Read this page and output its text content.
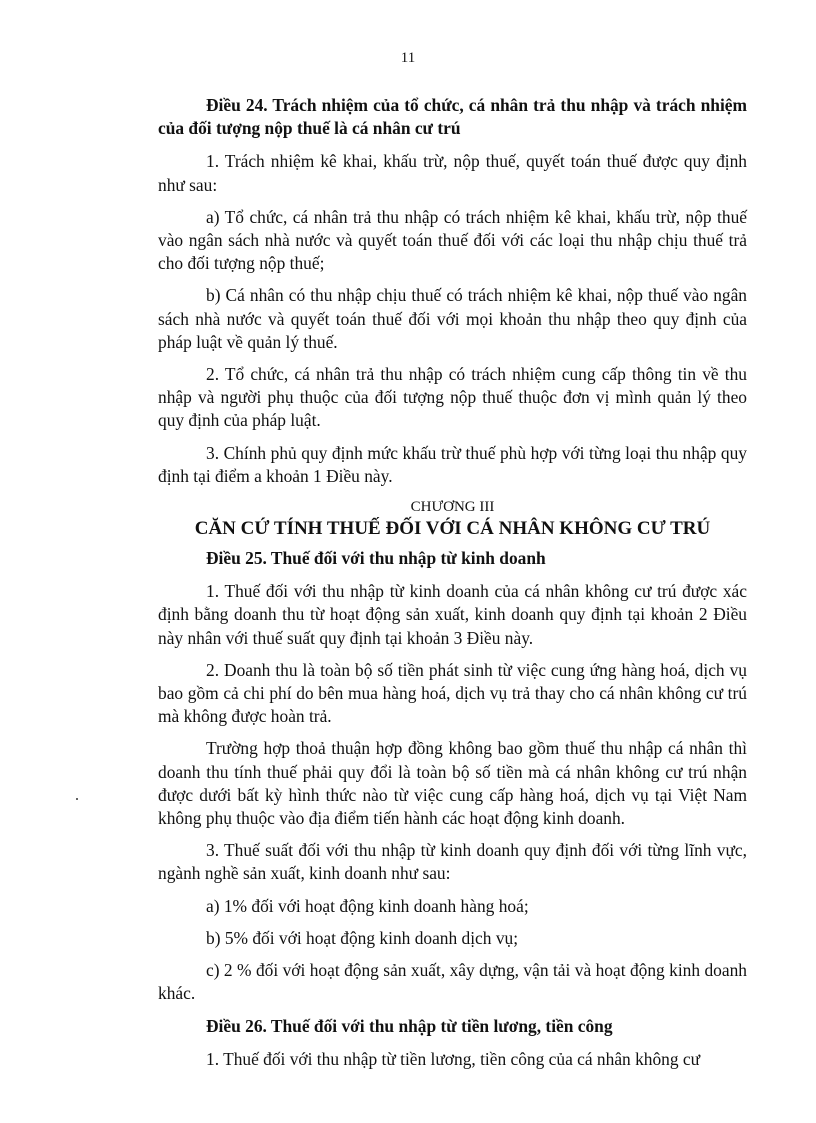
11
Điều 24. Trách nhiệm của tổ chức, cá nhân trả thu nhập và trách nhiệm của đối tượng nộp thuế là cá nhân cư trú

1. Trách nhiệm kê khai, khấu trừ, nộp thuế, quyết toán thuế được quy định như sau:

a) Tổ chức, cá nhân trả thu nhập có trách nhiệm kê khai, khấu trừ, nộp thuế vào ngân sách nhà nước và quyết toán thuế đối với các loại thu nhập chịu thuế trả cho đối tượng nộp thuế;

b) Cá nhân có thu nhập chịu thuế có trách nhiệm kê khai, nộp thuế vào ngân sách nhà nước và quyết toán thuế đối với mọi khoản thu nhập theo quy định của pháp luật về quản lý thuế.

2. Tổ chức, cá nhân trả thu nhập có trách nhiệm cung cấp thông tin về thu nhập và người phụ thuộc của đối tượng nộp thuế thuộc đơn vị mình quản lý theo quy định của pháp luật.

3. Chính phủ quy định mức khấu trừ thuế phù hợp với từng loại thu nhập quy định tại điểm a khoản 1 Điều này.

CHƯƠNG III
CĂN CỨ TÍNH THUẾ ĐỐI VỚI CÁ NHÂN KHÔNG CƯ TRÚ
Điều 25. Thuế đối với thu nhập từ kinh doanh

1. Thuế đối với thu nhập từ kinh doanh của cá nhân không cư trú được xác định bằng doanh thu từ hoạt động sản xuất, kinh doanh quy định tại khoản 2 Điều này nhân với thuế suất quy định tại khoản 3 Điều này.

2. Doanh thu là toàn bộ số tiền phát sinh từ việc cung ứng hàng hoá, dịch vụ bao gồm cả chi phí do bên mua hàng hoá, dịch vụ trả thay cho cá nhân không cư trú mà không được hoàn trả.

Trường hợp thoả thuận hợp đồng không bao gồm thuế thu nhập cá nhân thì doanh thu tính thuế phải quy đổi là toàn bộ số tiền mà cá nhân không cư trú nhận được dưới bất kỳ hình thức nào từ việc cung cấp hàng hoá, dịch vụ tại Việt Nam không phụ thuộc vào địa điểm tiến hành các hoạt động kinh doanh.

3. Thuế suất đối với thu nhập từ kinh doanh quy định đối với từng lĩnh vực, ngành nghề sản xuất, kinh doanh như sau:

a) 1% đối với hoạt động kinh doanh hàng hoá;

b) 5% đối với hoạt động kinh doanh dịch vụ;

c) 2 % đối với hoạt động sản xuất, xây dựng, vận tải và hoạt động kinh doanh khác.

Điều 26. Thuế đối với thu nhập từ tiền lương, tiền công

1. Thuế đối với thu nhập từ tiền lương, tiền công của cá nhân không cư
